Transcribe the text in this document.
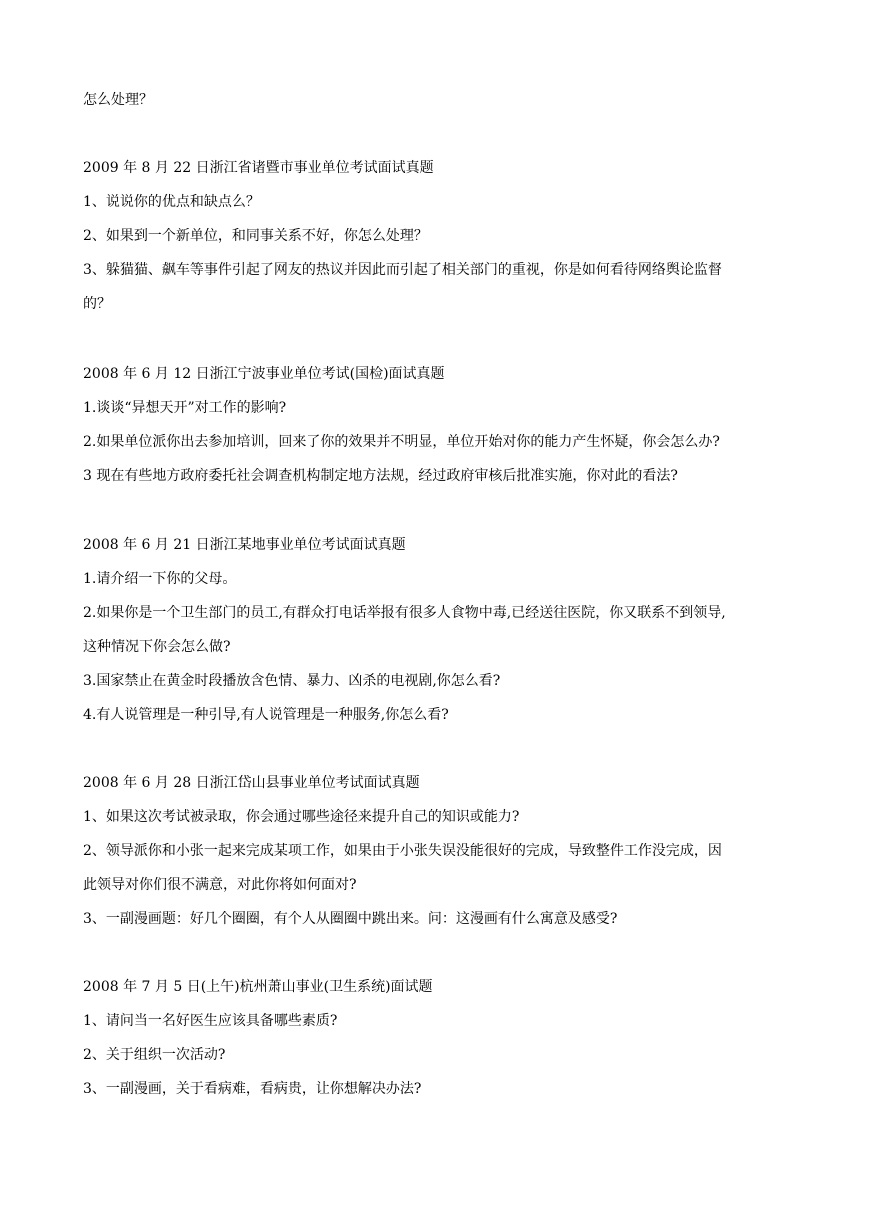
怎么处理？
2009 年 8 月 22 日浙江省诸暨市事业单位考试面试真题
1、说说你的优点和缺点么？
2、如果到一个新单位，和同事关系不好，你怎么处理？
3、躲猫猫、飙车等事件引起了网友的热议并因此而引起了相关部门的重视，你是如何看待网络舆论监督
的？
2008 年 6 月 12 日浙江宁波事业单位考试(国检)面试真题
1.谈谈“异想天开”对工作的影响?
2.如果单位派你出去参加培训，回来了你的效果并不明显，单位开始对你的能力产生怀疑，你会怎么办?
3 现在有些地方政府委托社会调查机构制定地方法规，经过政府审核后批准实施，你对此的看法?
2008 年 6 月 21 日浙江某地事业单位考试面试真题
1.请介绍一下你的父母。
2.如果你是一个卫生部门的员工,有群众打电话举报有很多人食物中毒,已经送往医院，你又联系不到领导,
这种情况下你会怎么做?
3.国家禁止在黄金时段播放含色情、暴力、凶杀的电视剧,你怎么看?
4.有人说管理是一种引导,有人说管理是一种服务,你怎么看?
2008 年 6 月 28 日浙江岱山县事业单位考试面试真题
1、如果这次考试被录取，你会通过哪些途径来提升自己的知识或能力?
2、领导派你和小张一起来完成某项工作，如果由于小张失误没能很好的完成，导致整件工作没完成，因
此领导对你们很不满意，对此你将如何面对?
3、一副漫画题：好几个圈圈，有个人从圈圈中跳出来。问：这漫画有什么寓意及感受?
2008 年 7 月 5 日(上午)杭州萧山事业(卫生系统)面试题
1、请问当一名好医生应该具备哪些素质?
2、关于组织一次活动?
3、一副漫画，关于看病难，看病贵，让你想解决办法?
